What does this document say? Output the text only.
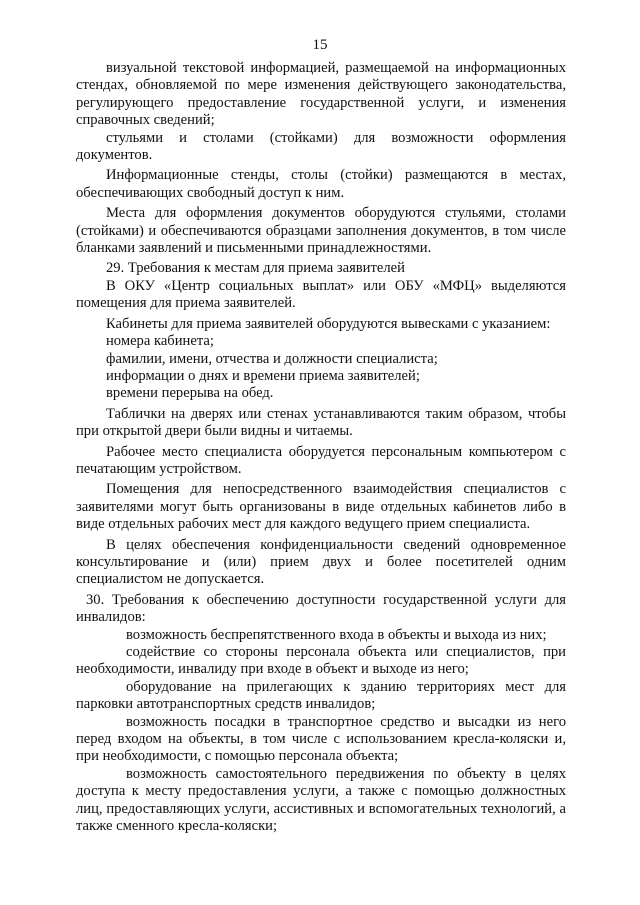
15

визуальной текстовой информацией, размещаемой на информационных стендах, обновляемой по мере изменения действующего законодательства, регулирующего предоставление государственной услуги, и изменения справочных сведений;

стульями и столами (стойками) для возможности оформления документов.

Информационные стенды, столы (стойки) размещаются в местах, обеспечивающих свободный доступ к ним.

Места для оформления документов оборудуются стульями, столами (стойками) и обеспечиваются образцами заполнения документов, в том числе бланками заявлений и письменными принадлежностями.

29. Требования к местам для приема заявителей

В ОКУ «Центр социальных выплат» или ОБУ «МФЦ» выделяются помещения для приема заявителей.

Кабинеты для приема заявителей оборудуются вывесками с указанием:

номера кабинета;

фамилии, имени, отчества и должности специалиста;

информации о днях и времени приема заявителей;

времени перерыва на обед.

Таблички на дверях или стенах устанавливаются таким образом, чтобы при открытой двери были видны и читаемы.

Рабочее место специалиста оборудуется персональным компьютером с печатающим устройством.

Помещения для непосредственного взаимодействия специалистов с заявителями могут быть организованы в виде отдельных кабинетов либо в виде отдельных рабочих мест для каждого ведущего прием специалиста.

В целях обеспечения конфиденциальности сведений одновременное консультирование и (или) прием двух и более посетителей одним специалистом не допускается.

30. Требования к обеспечению доступности государственной услуги для инвалидов:

возможность беспрепятственного входа в объекты и выхода из них;

содействие со стороны персонала объекта или специалистов, при необходимости, инвалиду при входе в объект и выходе из него;

оборудование на прилегающих к зданию территориях мест для парковки автотранспортных средств инвалидов;

возможность посадки в транспортное средство и высадки из него перед входом на объекты, в том числе с использованием кресла-коляски и, при необходимости, с помощью персонала объекта;

возможность самостоятельного передвижения по объекту в целях доступа к месту предоставления услуги, а также с помощью должностных лиц, предоставляющих услуги, ассистивных и вспомогательных технологий, а также сменного кресла-коляски;
